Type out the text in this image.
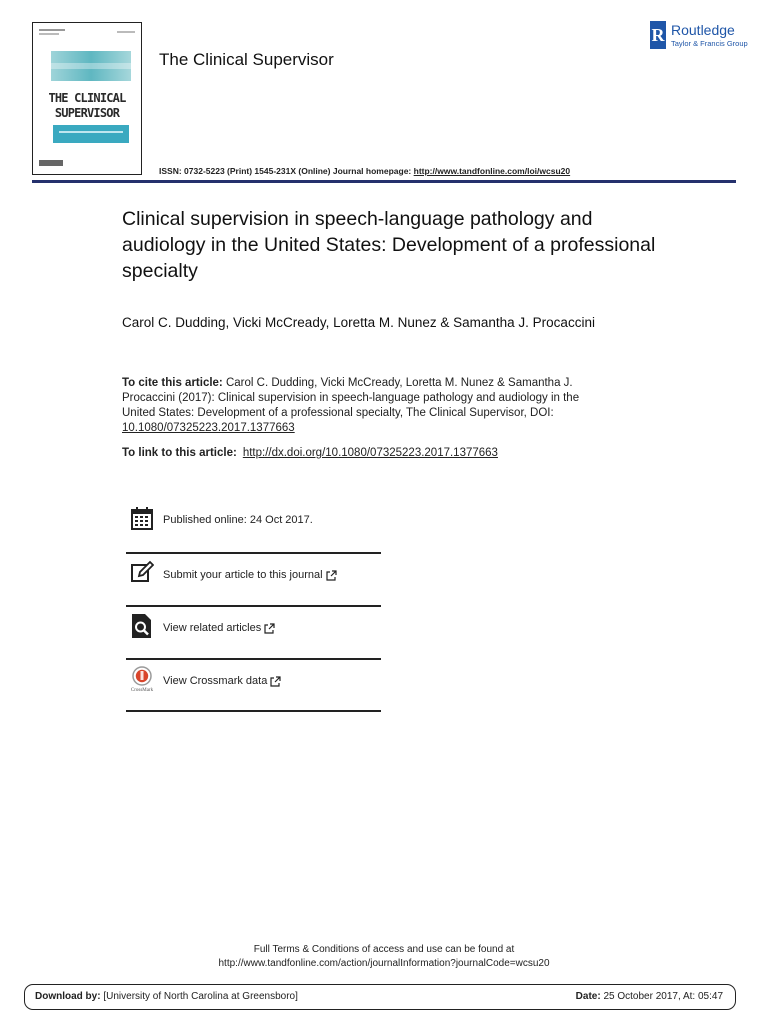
THE CLINICAL
SUPERVISOR
The Clinical Supervisor
R Routledge
Taylor & Francis Group
ISSN: 0732-5223 (Print) 1545-231X (Online) Journal homepage: http://www.tandfonline.com/loi/wcsu20
Clinical supervision in speech-language pathology and audiology in the United States: Development of a professional specialty
Carol C. Dudding, Vicki McCready, Loretta M. Nunez & Samantha J. Procaccini
To cite this article: Carol C. Dudding, Vicki McCready, Loretta M. Nunez & Samantha J. Procaccini (2017): Clinical supervision in speech-language pathology and audiology in the United States: Development of a professional specialty, The Clinical Supervisor, DOI: 10.1080/07325223.2017.1377663
To link to this article: http://dx.doi.org/10.1080/07325223.2017.1377663
Published online: 24 Oct 2017.
Submit your article to this journal
View related articles
CrossMark
View Crossmark data
Full Terms & Conditions of access and use can be found at
http://www.tandfonline.com/action/journalInformation?journalCode=wcsu20
Download by: [University of North Carolina at Greensboro]	Date: 25 October 2017, At: 05:47
